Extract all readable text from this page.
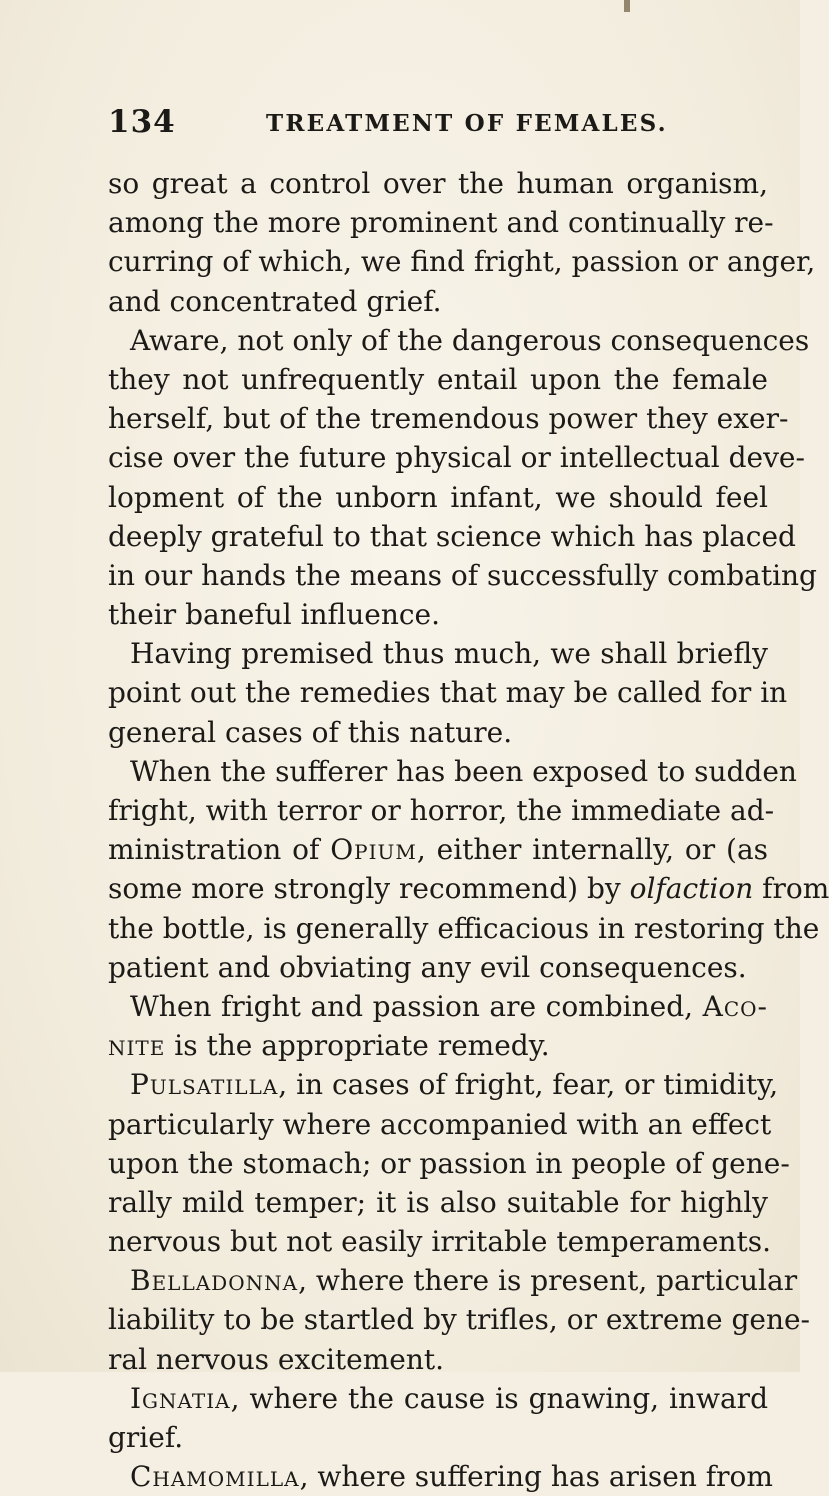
134	TREATMENT OF FEMALES.
so great a control over the human organism,
among the more prominent and continually re-
curring of which, we find fright, passion or anger,
and concentrated grief.
Aware, not only of the dangerous consequences
they not unfrequently entail upon the female
herself, but of the tremendous power they exer-
cise over the future physical or intellectual deve-
lopment of the unborn infant, we should feel
deeply grateful to that science which has placed
in our hands the means of successfully combating
their baneful influence.
Having premised thus much, we shall briefly
point out the remedies that may be called for in
general cases of this nature.
When the sufferer has been exposed to sudden
fright, with terror or horror, the immediate ad-
ministration of Opium, either internally, or (as
some more strongly recommend) by olfaction from
the bottle, is generally efficacious in restoring the
patient and obviating any evil consequences.
When fright and passion are combined, Aco-
nite is the appropriate remedy.
Pulsatilla, in cases of fright, fear, or timidity,
particularly where accompanied with an effect
upon the stomach; or passion in people of gene-
rally mild temper; it is also suitable for highly
nervous but not easily irritable temperaments.
Belladonna, where there is present, particular
liability to be startled by trifles, or extreme gene-
ral nervous excitement.
Ignatia, where the cause is gnawing, inward
grief.
Chamomilla, where suffering has arisen from
